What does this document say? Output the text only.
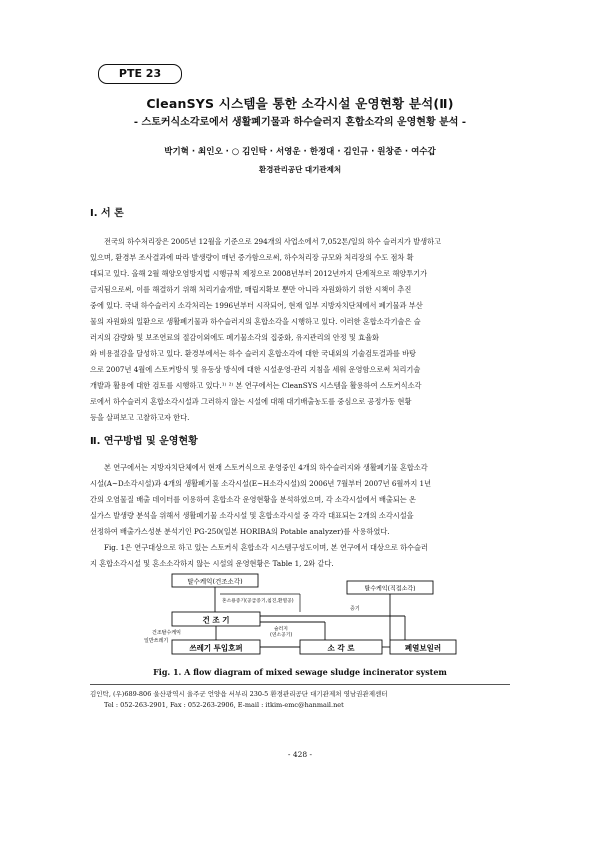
PTE 23
CleanSYS 시스템을 통한 소각시설 운영현황 분석(Ⅱ)
- 스토커식소각로에서 생활폐기물과 하수슬러지 혼합소각의 운영현황 분석 -
박기혁 · 최인오 · ○ 김인탁 · 서영운 · 한정대 · 김인규 · 원창준 · 여수갑
환경관리공단 대기관제처
Ⅰ. 서 론
전국의 하수처리장은 2005년 12월을 기준으로 294개의 사업소에서 7,052톤/일의 하수 슬러지가 발생하고
있으며, 환경부 조사결과에 따라 발생량이 매년 증가함으로써, 하수처리장 규모와 처리장의 수도 점차 확
대되고 있다. 올해 2월 해양오염방지법 시행규칙 제정으로 2008년부터 2012년까지 단계적으로 해양투기가
금지됨으로써, 이를 해결하기 위해 처리기술개발, 매립지확보 뿐만 아니라 자원화하기 위한 시책이 추진
중에 있다. 국내 하수슬러지 소각처리는 1996년부터 시작되어, 현재 일부 지방자치단체에서 폐기물과 부산
물의 자원화의 일환으로 생활폐기물과 하수슬러지의 혼합소각을 시행하고 있다. 이러한 혼합소각기술은 슬
러지의 감량화 및 보조연료의 절감이외에도 폐기물소각의 집중화, 유지관리의 안정 및 효율화
와 비용절감을 달성하고 있다. 환경부에서는 하수 슬러지 혼합소각에 대한 국내외의 기술검토결과를 바탕
으로 2007년 4월에 스토커방식 및 유동상 방식에 대한 시설운영·관리 지침을 세워 운영함으로써 처리기술
개발과 활용에 대한 검토를 시행하고 있다.¹⁾ ²⁾ 본 연구에서는 CleanSYS 시스템을 활용하여 스토커식소각
로에서 하수슬러지 혼합소각시설과 그러하지 않는 시설에 대해 대기배출농도를 중심으로 공정가동 현황
등을 살펴보고 고찰하고자 한다.
Ⅱ. 연구방법 및 운영현황
본 연구에서는 지방자치단체에서 현재 스토커식으로 운영중인 4개의 하수슬러지와 생활폐기물 혼합소각
시설(A~D소각시설)과 4개의 생활폐기물 소각시설(E~H소각시설)의 2006년 7월부터 2007년 6월까지 1년
간의 오염물질 배출 데이터를 이용하여 혼합소각 운영현황을 분석하였으며, 각 소각시설에서 배출되는 온
실가스 발생량 분석을 위해서 생활폐기물 소각시설 및 혼합소각시설 중 각각 대표되는 2개의 소각시설을
선정하여 배출가스성분 분석기인 PG-250(일본 HORIBA의 Potable analyzer)를 사용하였다.
Fig. 1은 연구대상으로 하고 있는 스토커식 혼합소각 시스템구성도이며, 본 연구에서 대상으로 하수슬러
지 혼합소각시설 및 혼소소각하지 않는 시설의 운영현황은 Table 1, 2와 같다.
탈수케익(건조소각)
탈수케익(직접소각)
건 조 기
쓰레기 투입호퍼	소 각 로	폐열보일러
혼소용증기(공급증기,침진,환열공)
증기
건조탈수케익
일반쓰레기
슬러지
(연소공기)
Fig. 1. A flow diagram of mixed sewage sludge incinerator system
김인탁, (우)689-806 울산광역시 울주군 언양읍 서부리 230-5 환경관리공단 대기관제처 영남권관제센터
Tel : 052-263-2901, Fax : 052-263-2906, E-mail : itkim-emc@hanmail.net
- 428 -
